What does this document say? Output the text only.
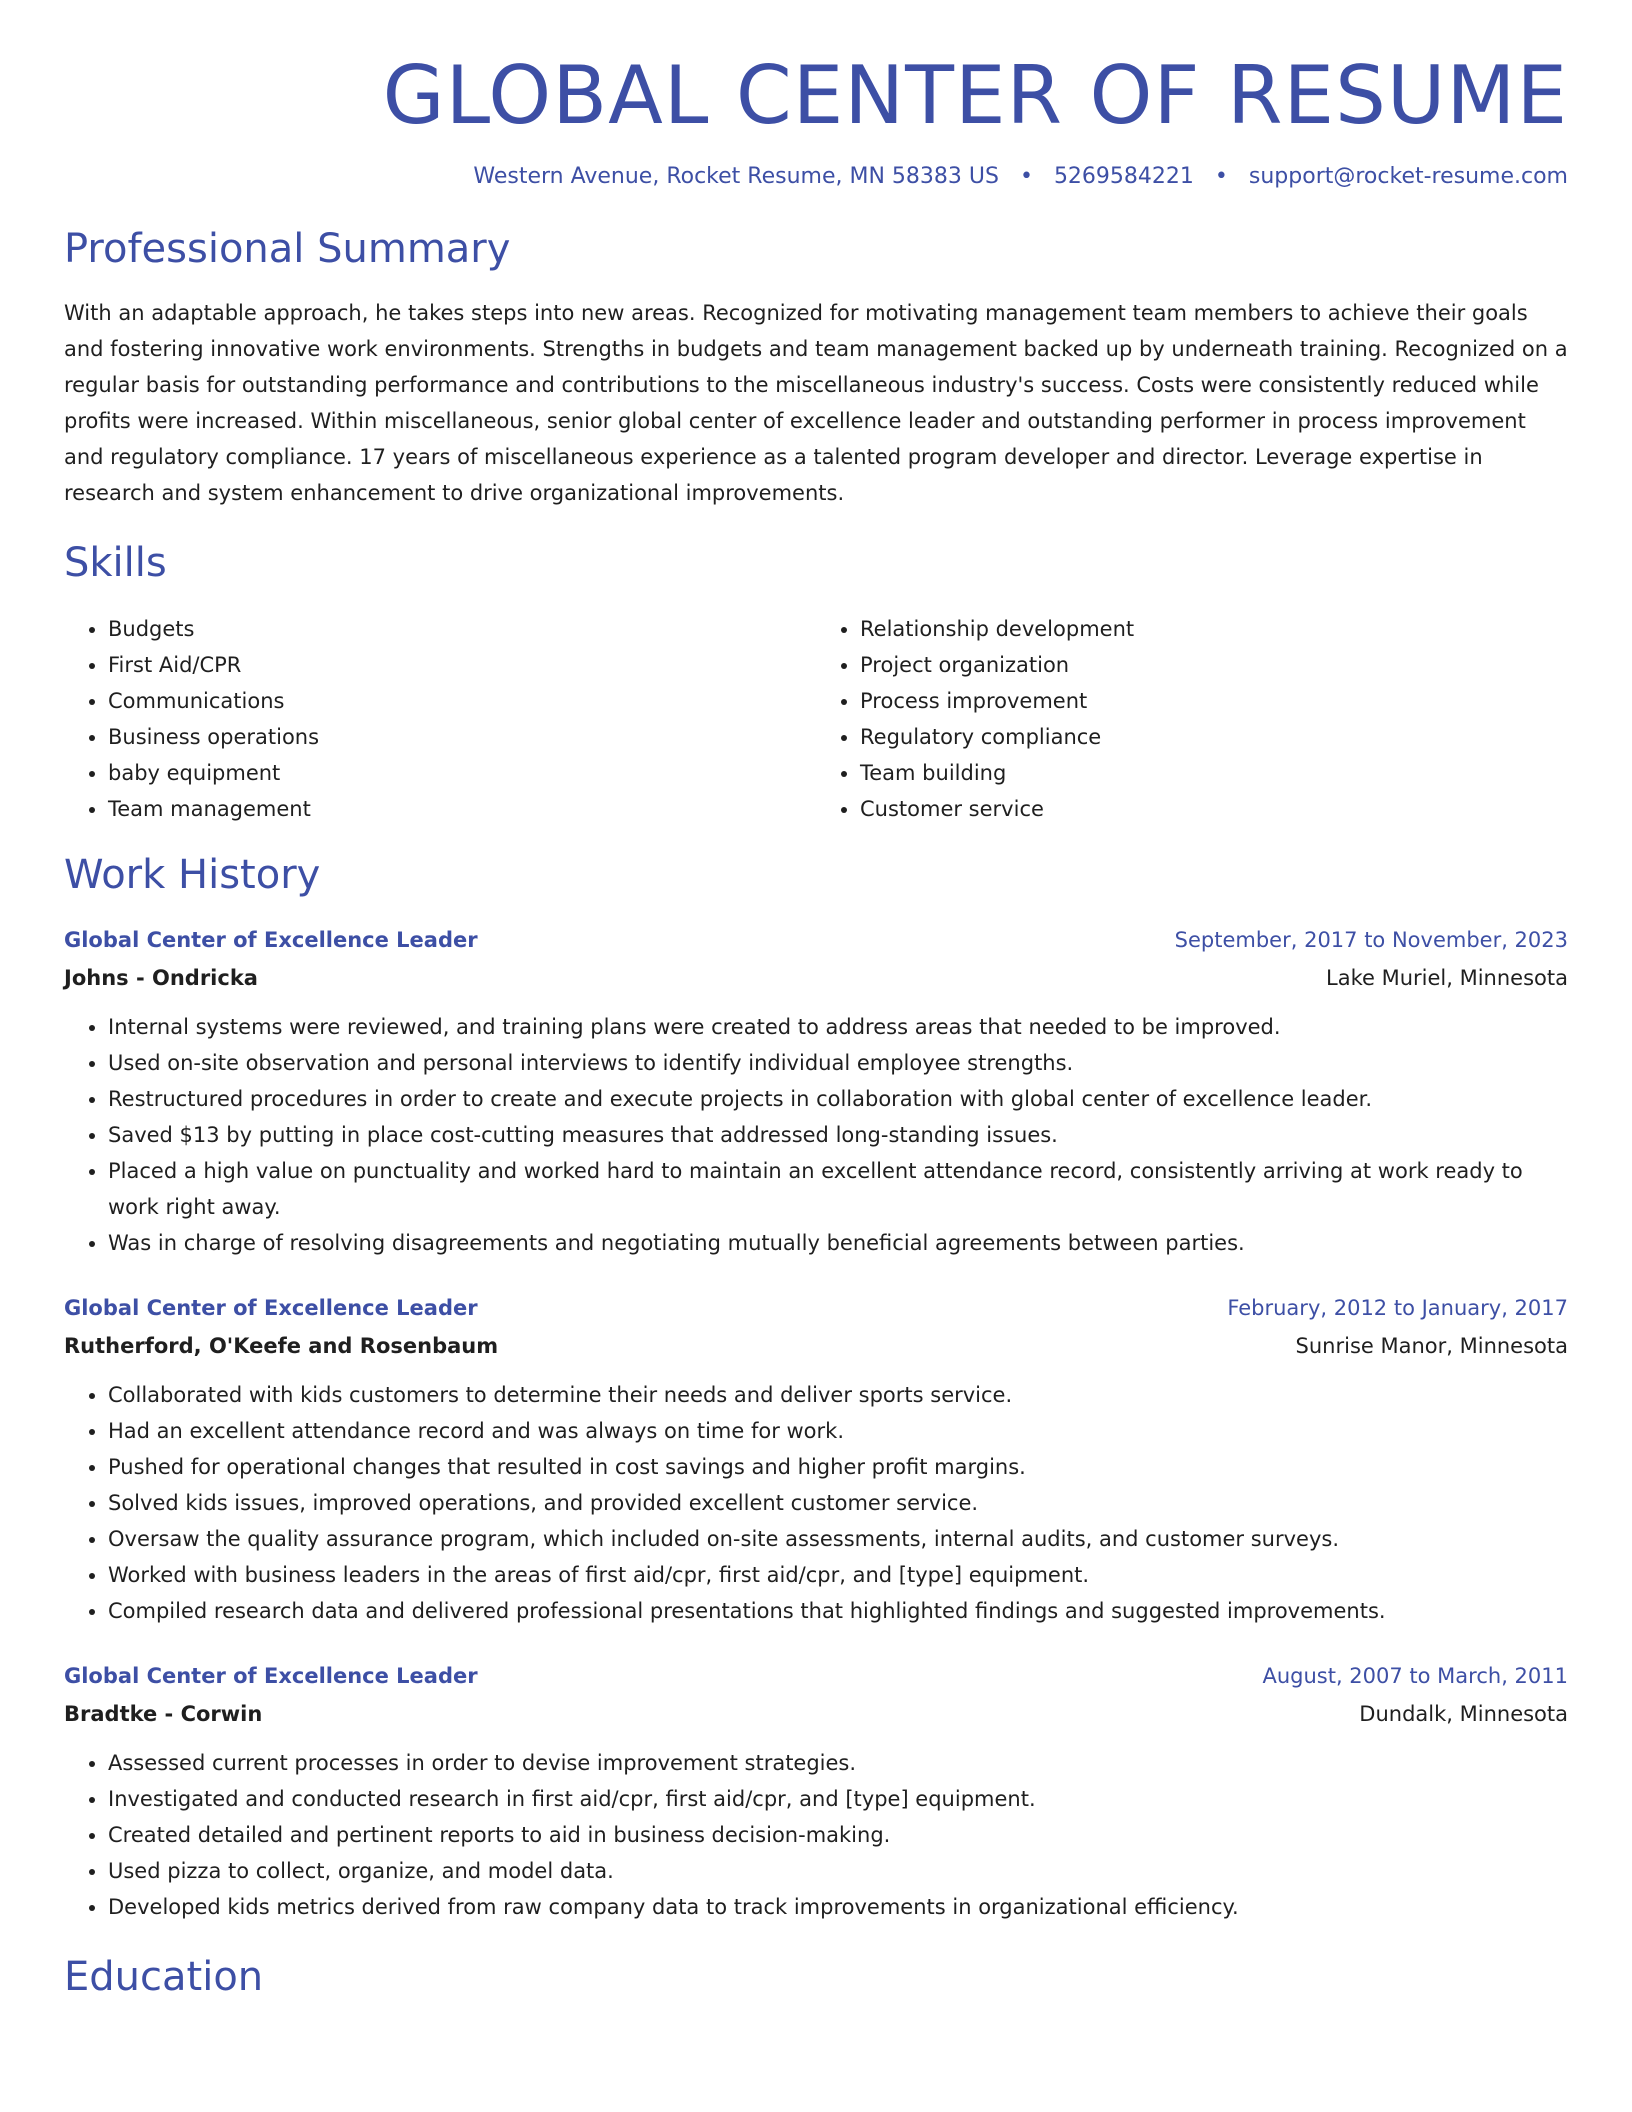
GLOBAL CENTER OF RESUME
Western Avenue, Rocket Resume, MN 58383 US • 5269584221 • support@rocket-resume.com
Professional Summary
With an adaptable approach, he takes steps into new areas. Recognized for motivating management team members to achieve their goals and fostering innovative work environments. Strengths in budgets and team management backed up by underneath training. Recognized on a regular basis for outstanding performance and contributions to the miscellaneous industry's success. Costs were consistently reduced while profits were increased. Within miscellaneous, senior global center of excellence leader and outstanding performer in process improvement and regulatory compliance. 17 years of miscellaneous experience as a talented program developer and director. Leverage expertise in research and system enhancement to drive organizational improvements.
Skills
• Budgets
• First Aid/CPR
• Communications
• Business operations
• baby equipment
• Team management
• Relationship development
• Project organization
• Process improvement
• Regulatory compliance
• Team building
• Customer service
Work History
Global Center of Excellence Leader	September, 2017 to November, 2023
Johns - Ondricka	Lake Muriel, Minnesota
• Internal systems were reviewed, and training plans were created to address areas that needed to be improved.
• Used on-site observation and personal interviews to identify individual employee strengths.
• Restructured procedures in order to create and execute projects in collaboration with global center of excellence leader.
• Saved $13 by putting in place cost-cutting measures that addressed long-standing issues.
• Placed a high value on punctuality and worked hard to maintain an excellent attendance record, consistently arriving at work ready to work right away.
• Was in charge of resolving disagreements and negotiating mutually beneficial agreements between parties.
Global Center of Excellence Leader	February, 2012 to January, 2017
Rutherford, O'Keefe and Rosenbaum	Sunrise Manor, Minnesota
• Collaborated with kids customers to determine their needs and deliver sports service.
• Had an excellent attendance record and was always on time for work.
• Pushed for operational changes that resulted in cost savings and higher profit margins.
• Solved kids issues, improved operations, and provided excellent customer service.
• Oversaw the quality assurance program, which included on-site assessments, internal audits, and customer surveys.
• Worked with business leaders in the areas of first aid/cpr, first aid/cpr, and [type] equipment.
• Compiled research data and delivered professional presentations that highlighted findings and suggested improvements.
Global Center of Excellence Leader	August, 2007 to March, 2011
Bradtke - Corwin	Dundalk, Minnesota
• Assessed current processes in order to devise improvement strategies.
• Investigated and conducted research in first aid/cpr, first aid/cpr, and [type] equipment.
• Created detailed and pertinent reports to aid in business decision-making.
• Used pizza to collect, organize, and model data.
• Developed kids metrics derived from raw company data to track improvements in organizational efficiency.
Education
